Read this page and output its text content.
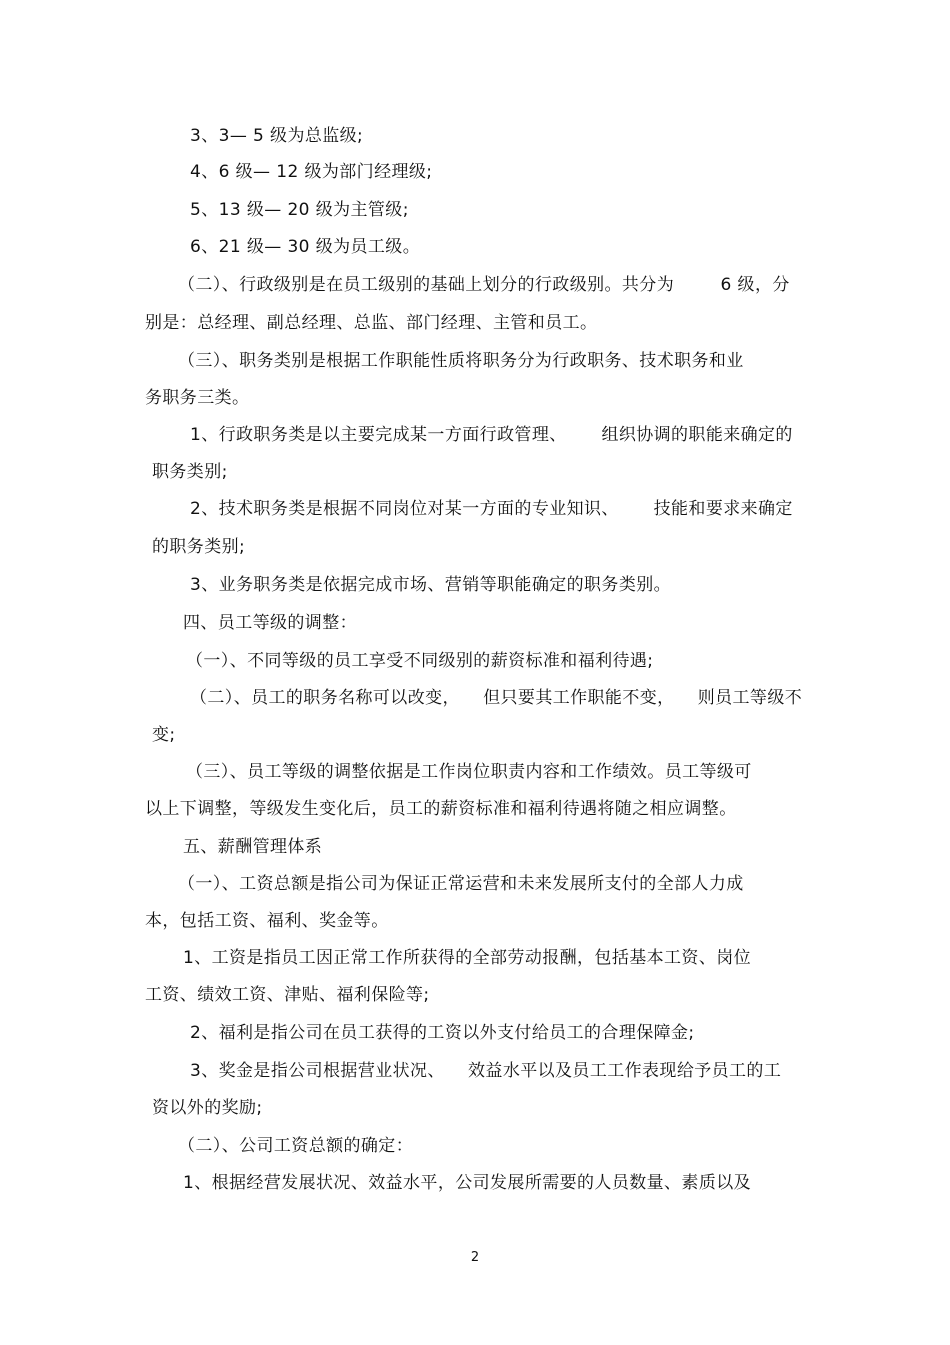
3、3— 5 级为总监级;
4、6 级— 12 级为部门经理级;
5、13 级— 20 级为主管级;
6、21 级— 30 级为员工级。
（二）、行政级别是在员工级别的基础上划分的行政级别。共分为        6 级，分
别是：总经理、副总经理、总监、部门经理、主管和员工。
（三）、职务类别是根据工作职能性质将职务分为行政职务、技术职务和业
务职务三类。
1、行政职务类是以主要完成某一方面行政管理、      组织协调的职能来确定的
职务类别;
2、技术职务类是根据不同岗位对某一方面的专业知识、      技能和要求来确定
的职务类别;
3、业务职务类是依据完成市场、营销等职能确定的职务类别。
四、员工等级的调整：
（一）、不同等级的员工享受不同级别的薪资标准和福利待遇;
（二）、员工的职务名称可以改变，    但只要其工作职能不变，    则员工等级不
变;
（三）、员工等级的调整依据是工作岗位职责内容和工作绩效。员工等级可
以上下调整，等级发生变化后，员工的薪资标准和福利待遇将随之相应调整。
五、薪酬管理体系
（一）、工资总额是指公司为保证正常运营和未来发展所支付的全部人力成
本，包括工资、福利、奖金等。
1、工资是指员工因正常工作所获得的全部劳动报酬，包括基本工资、岗位
工资、绩效工资、津贴、福利保险等;
2、福利是指公司在员工获得的工资以外支付给员工的合理保障金;
3、奖金是指公司根据营业状况、    效益水平以及员工工作表现给予员工的工
资以外的奖励;
（二）、公司工资总额的确定：
1、根据经营发展状况、效益水平，公司发展所需要的人员数量、素质以及
2
